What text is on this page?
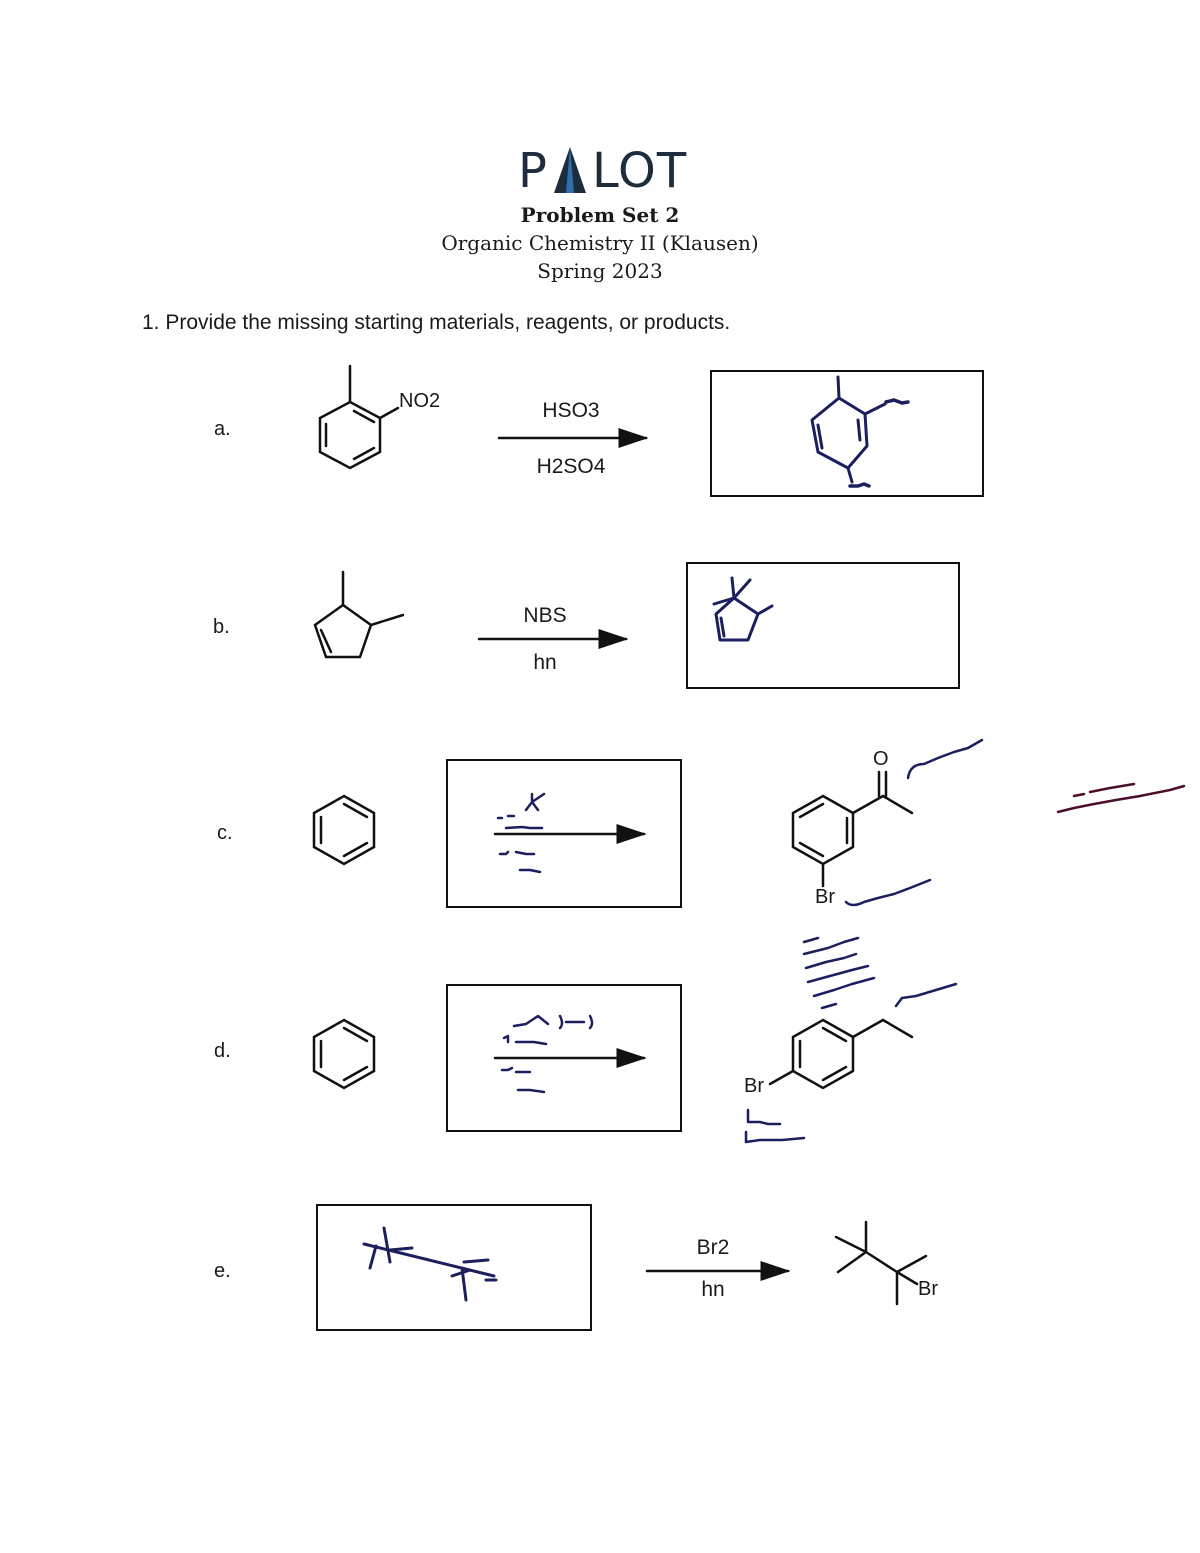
P LOT
Problem Set 2
Organic Chemistry II (Klausen)
Spring 2023
1. Provide the missing starting materials, reagents, or products.
a.
b.
c.
d.
e.
HSO3
H2SO4
NBS
hn
Br2
hn
NO2
O
Br
Br
Br
